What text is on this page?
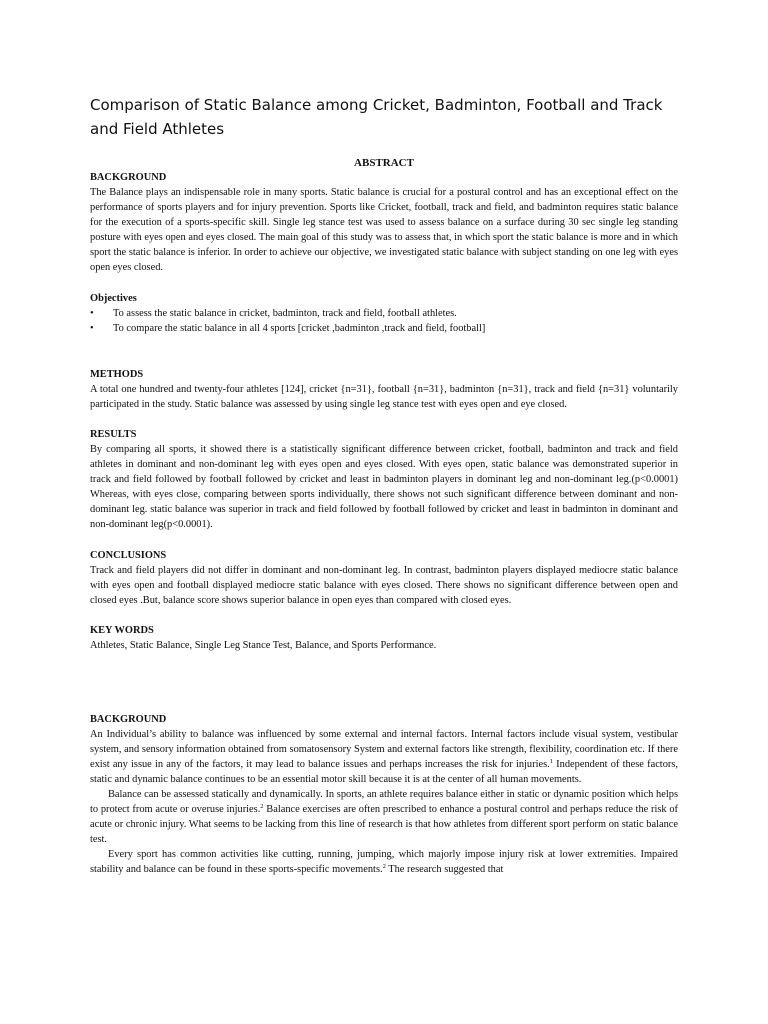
Comparison of Static Balance among Cricket, Badminton, Football and Track and Field Athletes
ABSTRACT

BACKGROUND

The Balance plays an indispensable role in many sports. Static balance is crucial for a postural control and has an exceptional effect on the performance of sports players and for injury prevention. Sports like Cricket, football, track and field, and badminton requires static balance for the execution of a sports-specific skill. Single leg stance test was used to assess balance on a surface during 30 sec single leg standing posture with eyes open and eyes closed. The main goal of this study was to assess that, in which sport the static balance is more and in which sport the static balance is inferior. In order to achieve our objective, we investigated static balance with subject standing on one leg with eyes open eyes closed.

Objectives

• To assess the static balance in cricket, badminton, track and field, football athletes.
• To compare the static balance in all 4 sports [cricket ,badminton ,track and field, football]

METHODS

A total one hundred and twenty-four athletes [124], cricket {n=31}, football {n=31}, badminton {n=31}, track and field {n=31} voluntarily participated in the study. Static balance was assessed by using single leg stance test with eyes open and eye closed.

RESULTS

By comparing all sports, it showed there is a statistically significant difference between cricket, football, badminton and track and field athletes in dominant and non-dominant leg with eyes open and eyes closed. With eyes open, static balance was demonstrated superior in track and field followed by football followed by cricket and least in badminton players in dominant leg and non-dominant leg.(p<0.0001) Whereas, with eyes close, comparing between sports individually, there shows not such significant difference between dominant and non-dominant leg. static balance was superior in track and field followed by football followed by cricket and least in badminton in dominant and non-dominant leg(p<0.0001).

CONCLUSIONS

Track and field players did not differ in dominant and non-dominant leg. In contrast, badminton players displayed mediocre static balance with eyes open and football displayed mediocre static balance with eyes closed. There shows no significant difference between open and closed eyes .But, balance score shows superior balance in open eyes than compared with closed eyes.

KEY WORDS

Athletes, Static Balance, Single Leg Stance Test, Balance, and Sports Performance.

BACKGROUND

An Individual’s ability to balance was influenced by some external and internal factors. Internal factors include visual system, vestibular system, and sensory information obtained from somatosensory System and external factors like strength, flexibility, coordination etc. If there exist any issue in any of the factors, it may lead to balance issues and perhaps increases the risk for injuries.$^1$ Independent of these factors, static and dynamic balance continues to be an essential motor skill because it is at the center of all human movements.

Balance can be assessed statically and dynamically. In sports, an athlete requires balance either in static or dynamic position which helps to protect from acute or overuse injuries.$^2$ Balance exercises are often prescribed to enhance a postural control and perhaps reduce the risk of acute or chronic injury. What seems to be lacking from this line of research is that how athletes from different sport perform on static balance test.

Every sport has common activities like cutting, running, jumping, which majorly impose injury risk at lower extremities. Impaired stability and balance can be found in these sports-specific movements.$^2$ The research suggested that
